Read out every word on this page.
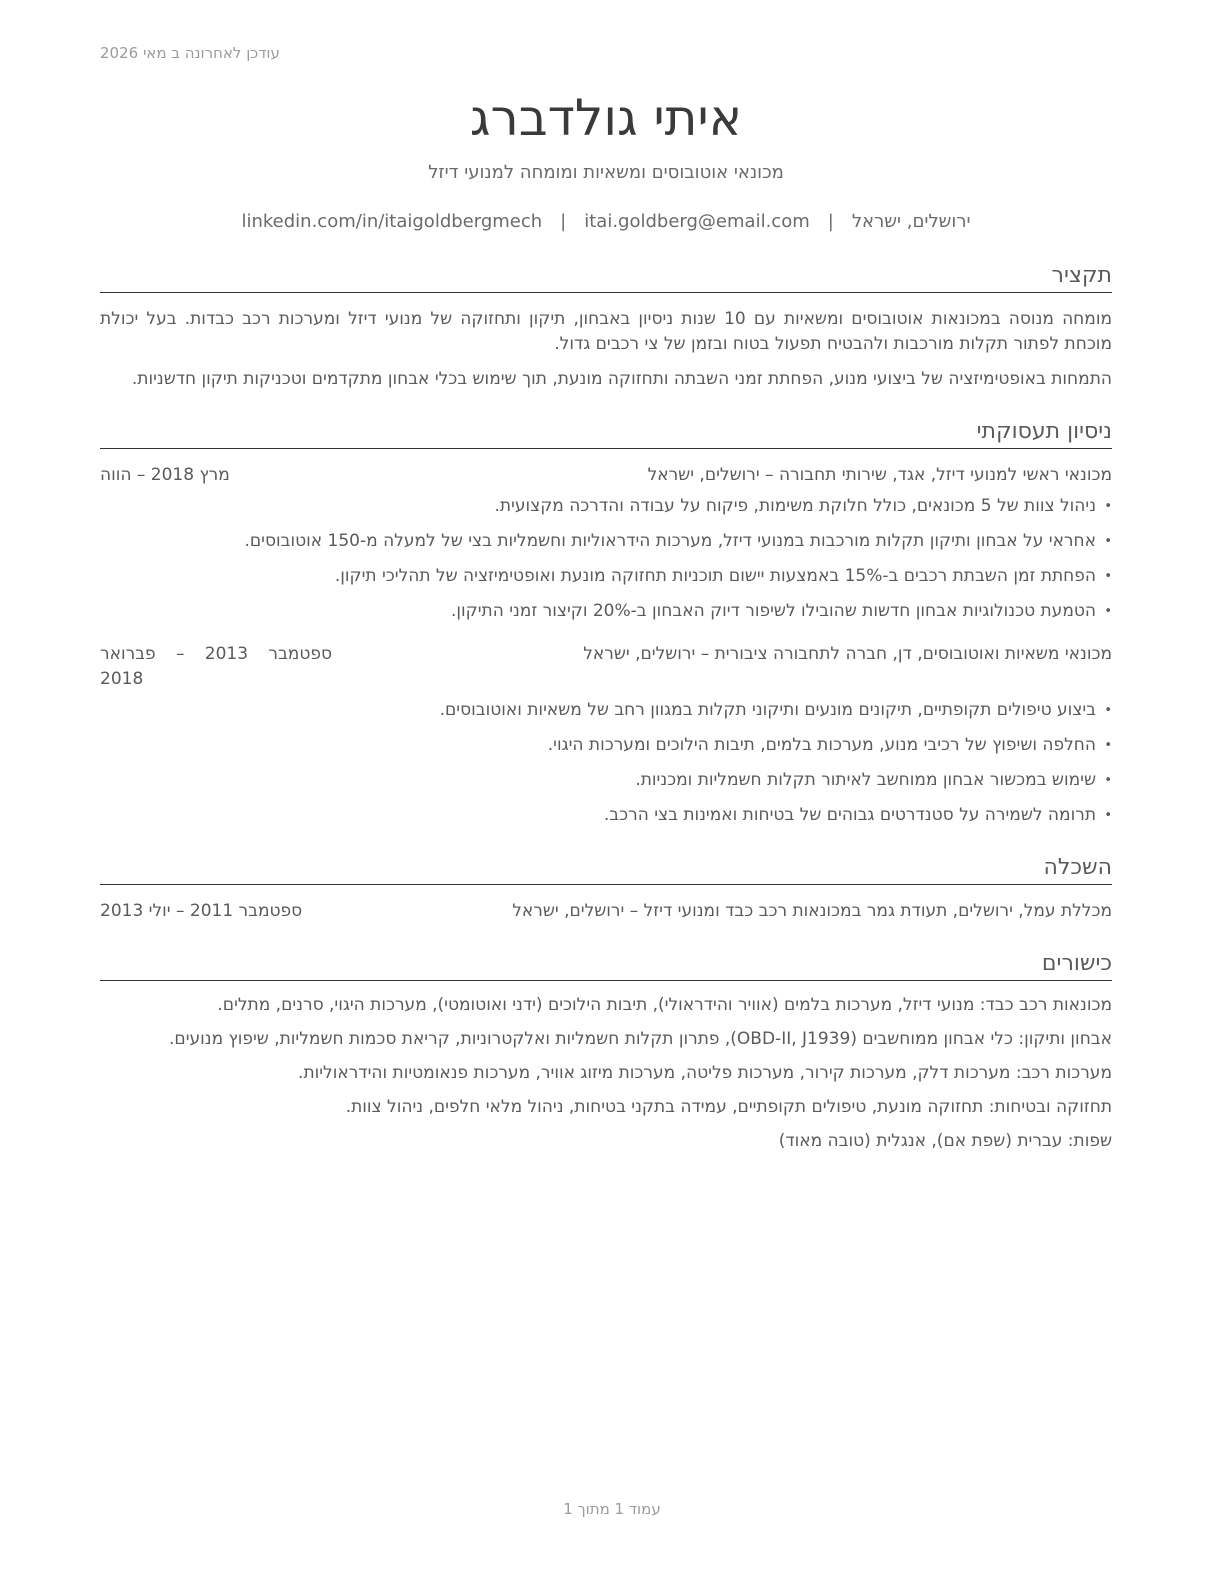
עודכן לאחרונה ב מאי 2026
איתי גולדברג
מכונאי אוטובוסים ומשאיות ומומחה למנועי דיזל
ירושלים, ישראל|itai.goldberg@email.com|linkedin.com/in/itaigoldbergmech
תקציר
מומחה מנוסה במכונאות אוטובוסים ומשאיות עם 10 שנות ניסיון באבחון, תיקון ותחזוקה של מנועי דיזל ומערכות רכב כבדות. בעל יכולת מוכחת לפתור תקלות מורכבות ולהבטיח תפעול בטוח ובזמן של צי רכבים גדול.
התמחות באופטימיזציה של ביצועי מנוע, הפחתת זמני השבתה ותחזוקה מונעת, תוך שימוש בכלי אבחון מתקדמים וטכניקות תיקון חדשניות.
ניסיון תעסוקתי
מכונאי ראשי למנועי דיזל, אגד, שירותי תחבורה – ירושלים, ישראל
מרץ 2018 – הווה
• ניהול צוות של 5 מכונאים, כולל חלוקת משימות, פיקוח על עבודה והדרכה מקצועית.
• אחראי על אבחון ותיקון תקלות מורכבות במנועי דיזל, מערכות הידראוליות וחשמליות בצי של למעלה מ-150 אוטובוסים.
• הפחתת זמן השבתת רכבים ב-15% באמצעות יישום תוכניות תחזוקה מונעת ואופטימיזציה של תהליכי תיקון.
• הטמעת טכנולוגיות אבחון חדשות שהובילו לשיפור דיוק האבחון ב-20% וקיצור זמני התיקון.
מכונאי משאיות ואוטובוסים, דן, חברה לתחבורה ציבורית – ירושלים, ישראל
ספטמבר 2013 – פברואר 2018
• ביצוע טיפולים תקופתיים, תיקונים מונעים ותיקוני תקלות במגוון רחב של משאיות ואוטובוסים.
• החלפה ושיפוץ של רכיבי מנוע, מערכות בלמים, תיבות הילוכים ומערכות היגוי.
• שימוש במכשור אבחון ממוחשב לאיתור תקלות חשמליות ומכניות.
• תרומה לשמירה על סטנדרטים גבוהים של בטיחות ואמינות בצי הרכב.
השכלה
מכללת עמל, ירושלים, תעודת גמר במכונאות רכב כבד ומנועי דיזל – ירושלים, ישראל
ספטמבר 2011 – יולי 2013
כישורים
מכונאות רכב כבד: מנועי דיזל, מערכות בלמים (אוויר והידראולי), תיבות הילוכים (ידני ואוטומטי), מערכות היגוי, סרנים, מתלים.
אבחון ותיקון: כלי אבחון ממוחשבים (OBD-II, J1939), פתרון תקלות חשמליות ואלקטרוניות, קריאת סכמות חשמליות, שיפוץ מנועים.
מערכות רכב: מערכות דלק, מערכות קירור, מערכות פליטה, מערכות מיזוג אוויר, מערכות פנאומטיות והידראוליות.
תחזוקה ובטיחות: תחזוקה מונעת, טיפולים תקופתיים, עמידה בתקני בטיחות, ניהול מלאי חלפים, ניהול צוות.
שפות: עברית (שפת אם), אנגלית (טובה מאוד)
עמוד 1 מתוך 1
